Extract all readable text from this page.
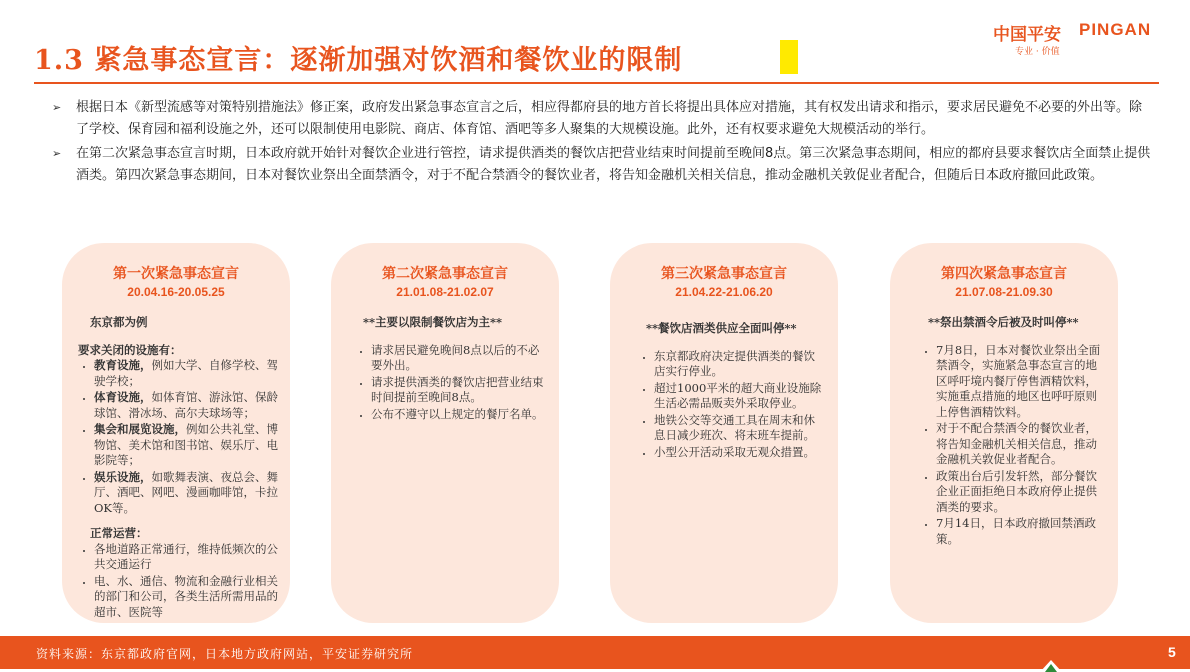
1.3 紧急事态宣言：逐渐加强对饮酒和餐饮业的限制
中国平安 PINGAN
专业 · 价值
➢ 根据日本《新型流感等对策特别措施法》修正案，政府发出紧急事态宣言之后，相应得都府县的地方首长将提出具体应对措施，其有权发出请求和指示，要求居民避免不必要的外出等。除了学校、保育园和福利设施之外，还可以限制使用电影院、商店、体育馆、酒吧等多人聚集的大规模设施。此外，还有权要求避免大规模活动的举行。
➢ 在第二次紧急事态宣言时期，日本政府就开始针对餐饮企业进行管控，请求提供酒类的餐饮店把营业结束时间提前至晚间8点。第三次紧急事态期间，相应的都府县要求餐饮店全面禁止提供酒类。第四次紧急事态期间，日本对餐饮业祭出全面禁酒令，对于不配合禁酒令的餐饮业者，将告知金融机关相关信息，推动金融机关敦促业者配合，但随后日本政府撤回此政策。
第一次紧急事态宣言
20.04.16-20.05.25
东京都为例
要求关闭的设施有：
• 教育设施，例如大学、自修学校、驾驶学校；
• 体育设施，如体育馆、游泳馆、保龄球馆、滑冰场、高尔夫球场等；
• 集会和展览设施，例如公共礼堂、博物馆、美术馆和图书馆、娱乐厅、电影院等；
• 娱乐设施，如歌舞表演、夜总会、舞厅、酒吧、网吧、漫画咖啡馆，卡拉OK等。
正常运营：
• 各地道路正常通行，维持低频次的公共交通运行
• 电、水、通信、物流和金融行业相关的部门和公司，各类生活所需用品的超市、医院等
第二次紧急事态宣言
21.01.08-21.02.07
**主要以限制餐饮店为主**
• 请求居民避免晚间8点以后的不必要外出。
• 请求提供酒类的餐饮店把营业结束时间提前至晚间8点。
• 公布不遵守以上规定的餐厅名单。
第三次紧急事态宣言
21.04.22-21.06.20
**餐饮店酒类供应全面叫停**
• 东京都政府决定提供酒类的餐饮店实行停业。
• 超过1000平米的超大商业设施除生活必需品贩卖外采取停业。
• 地铁公交等交通工具在周末和休息日减少班次、将末班车提前。
• 小型公开活动采取无观众措置。
第四次紧急事态宣言
21.07.08-21.09.30
**祭出禁酒令后被及时叫停**
• 7月8日，日本对餐饮业祭出全面禁酒令，实施紧急事态宣言的地区呼吁境内餐厅停售酒精饮料，实施重点措施的地区也呼吁原则上停售酒精饮料。
• 对于不配合禁酒令的餐饮业者，将告知金融机关相关信息，推动金融机关敦促业者配合。
• 政策出台后引发轩然，部分餐饮企业正面拒绝日本政府停止提供酒类的要求。
• 7月14日，日本政府撤回禁酒政策。
资料来源：东京都政府官网，日本地方政府网站，平安证券研究所	5
